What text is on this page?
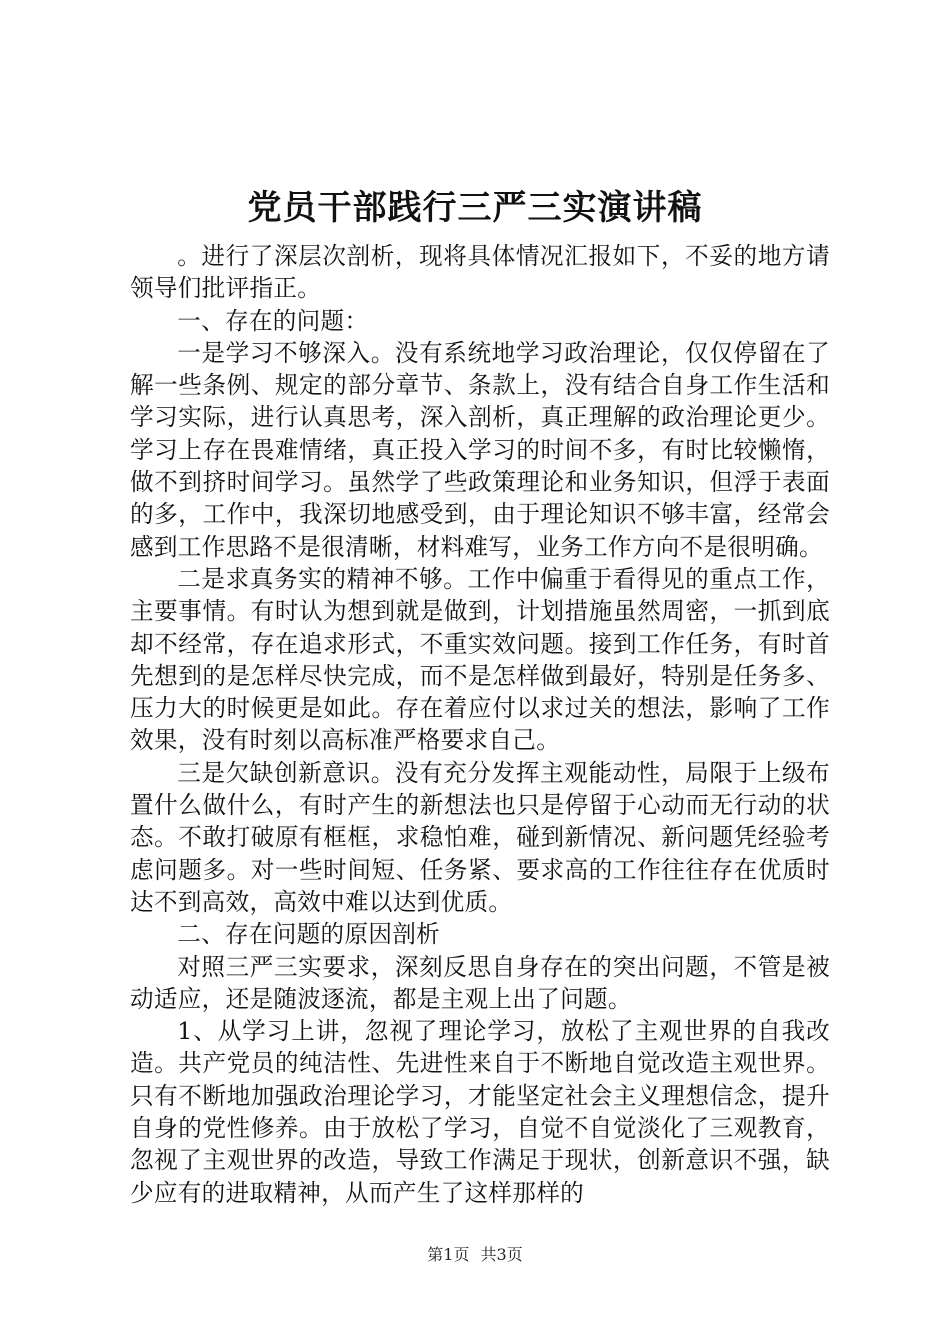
党员干部践行三严三实演讲稿

。进行了深层次剖析，现将具体情况汇报如下，不妥的地方请领导们批评指正。

一、存在的问题：

一是学习不够深入。没有系统地学习政治理论，仅仅停留在了解一些条例、规定的部分章节、条款上，没有结合自身工作生活和学习实际，进行认真思考，深入剖析，真正理解的政治理论更少。学习上存在畏难情绪，真正投入学习的时间不多，有时比较懒惰，做不到挤时间学习。虽然学了些政策理论和业务知识，但浮于表面的多，工作中，我深切地感受到，由于理论知识不够丰富，经常会感到工作思路不是很清晰，材料难写，业务工作方向不是很明确。

二是求真务实的精神不够。工作中偏重于看得见的重点工作，主要事情。有时认为想到就是做到，计划措施虽然周密，一抓到底却不经常，存在追求形式，不重实效问题。接到工作任务，有时首先想到的是怎样尽快完成，而不是怎样做到最好，特别是任务多、压力大的时候更是如此。存在着应付以求过关的想法，影响了工作效果，没有时刻以高标准严格要求自己。

三是欠缺创新意识。没有充分发挥主观能动性，局限于上级布置什么做什么，有时产生的新想法也只是停留于心动而无行动的状态。不敢打破原有框框，求稳怕难，碰到新情况、新问题凭经验考虑问题多。对一些时间短、任务紧、要求高的工作往往存在优质时达不到高效，高效中难以达到优质。

二、存在问题的原因剖析

对照三严三实要求，深刻反思自身存在的突出问题，不管是被动适应，还是随波逐流，都是主观上出了问题。

1、从学习上讲，忽视了理论学习，放松了主观世界的自我改造。共产党员的纯洁性、先进性来自于不断地自觉改造主观世界。只有不断地加强政治理论学习，才能坚定社会主义理想信念，提升自身的党性修养。由于放松了学习，自觉不自觉淡化了三观教育，忽视了主观世界的改造，导致工作满足于现状，创新意识不强，缺少应有的进取精神，从而产生了这样那样的

第1页 共3页
